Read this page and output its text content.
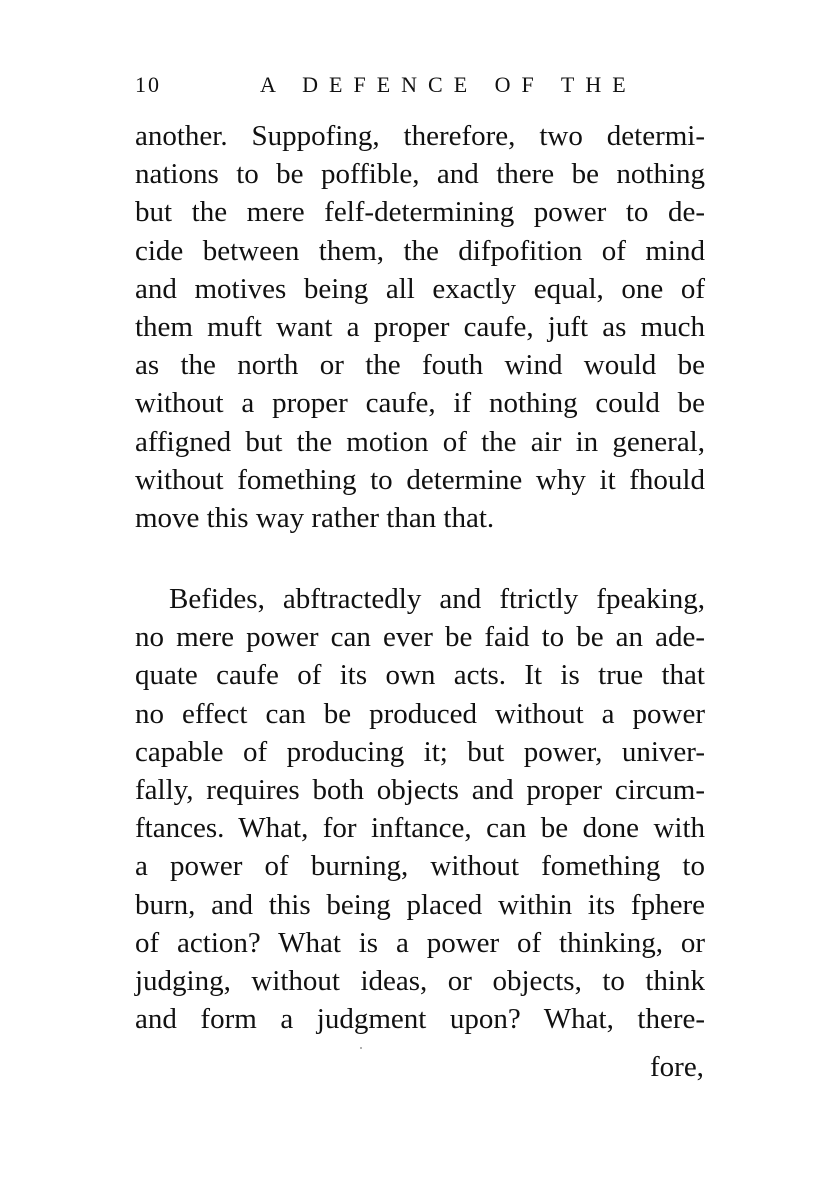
10	A DEFENCE OF THE
another. Suppofing, therefore, two determi-
nations to be poffible, and there be nothing
but the mere felf-determining power to de-
cide between them, the difpofition of mind
and motives being all exactly equal, one of
them muft want a proper caufe, juft as much
as the north or the fouth wind would be
without a proper caufe, if nothing could be
affigned but the motion of the air in general,
without fomething to determine why it fhould
move this way rather than that.
Befides, abftractedly and ftrictly fpeaking,
no mere power can ever be faid to be an ade-
quate caufe of its own acts. It is true that
no effect can be produced without a power
capable of producing it; but power, univer-
fally, requires both objects and proper circum-
ftances. What, for inftance, can be done with
a power of burning, without fomething to
burn, and this being placed within its fphere
of action? What is a power of thinking, or
judging, without ideas, or objects, to think
and form a judgment upon? What, there-
fore,
